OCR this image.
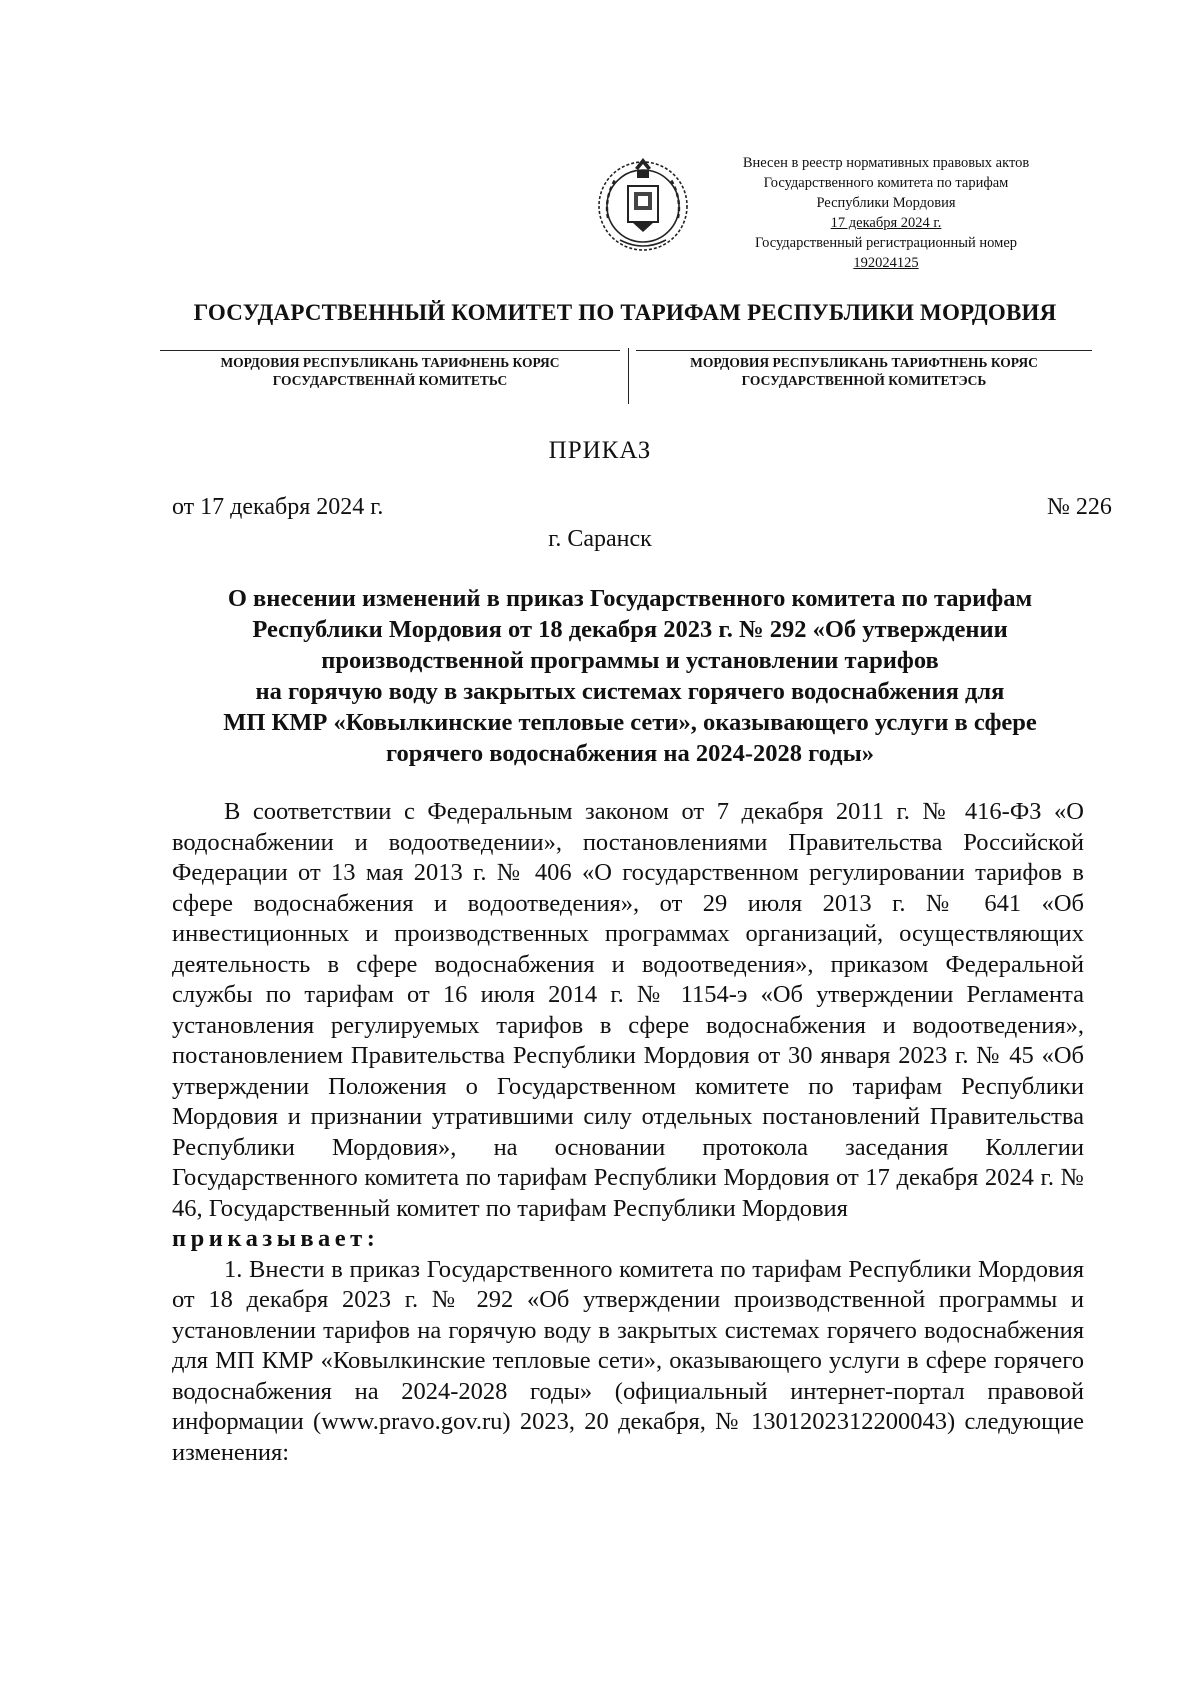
Внесен в реестр нормативных правовых актов
Государственного комитета по тарифам
Республики Мордовия
17 декабря 2024 г.
Государственный регистрационный номер
192024125
ГОСУДАРСТВЕННЫЙ КОМИТЕТ ПО ТАРИФАМ РЕСПУБЛИКИ МОРДОВИЯ
МОРДОВИЯ РЕСПУБЛИКАНЬ ТАРИФНЕНЬ КОРЯС
ГОСУДАРСТВЕННАЙ КОМИТЕТЬС
МОРДОВИЯ РЕСПУБЛИКАНЬ ТАРИФТНЕНЬ КОРЯС
ГОСУДАРСТВЕННОЙ КОМИТЕТЭСЬ
ПРИКАЗ
от 17 декабря 2024 г.	№ 226
г. Саранск
О внесении изменений в приказ Государственного комитета по тарифам
Республики Мордовия от 18 декабря 2023 г. № 292 «Об утверждении
производственной программы и установлении тарифов
на горячую воду в закрытых системах горячего водоснабжения для
МП КМР «Ковылкинские тепловые сети», оказывающего услуги в сфере
горячего водоснабжения на 2024-2028 годы»

В соответствии с Федеральным законом от 7 декабря 2011 г. № 416-ФЗ «О водоснабжении и водоотведении», постановлениями Правительства Российской Федерации от 13 мая 2013 г. № 406 «О государственном регулировании тарифов в сфере водоснабжения и водоотведения», от 29 июля 2013 г. № 641 «Об инвестиционных и производственных программах организаций, осуществляющих деятельность в сфере водоснабжения и водоотведения», приказом Федеральной службы по тарифам от 16 июля 2014 г. № 1154-э «Об утверждении Регламента установления регулируемых тарифов в сфере водоснабжения и водоотведения», постановлением Правительства Республики Мордовия от 30 января 2023 г. № 45 «Об утверждении Положения о Государственном комитете по тарифам Республики Мордовия и признании утратившими силу отдельных постановлений Правительства Республики Мордовия», на основании протокола заседания Коллегии Государственного комитета по тарифам Республики Мордовия от 17 декабря 2024 г. № 46, Государственный комитет по тарифам Республики Мордовия

приказывает:

1. Внести в приказ Государственного комитета по тарифам Республики Мордовия от 18 декабря 2023 г. № 292 «Об утверждении производственной программы и установлении тарифов на горячую воду в закрытых системах горячего водоснабжения для МП КМР «Ковылкинские тепловые сети», оказывающего услуги в сфере горячего водоснабжения на 2024-2028 годы» (официальный интернет-портал правовой информации (www.pravo.gov.ru) 2023, 20 декабря, № 1301202312200043) следующие изменения:
